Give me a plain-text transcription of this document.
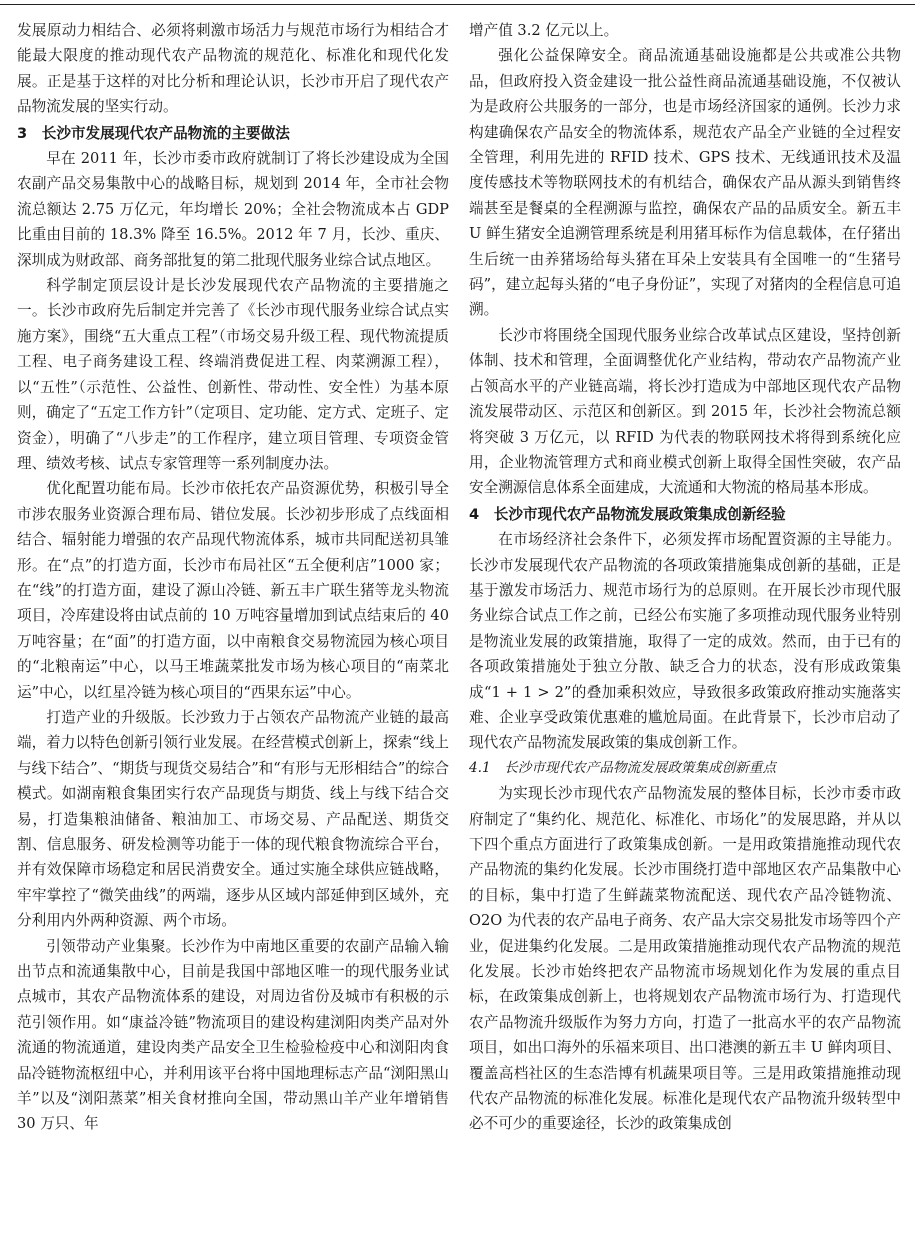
发展原动力相结合、必须将刺激市场活力与规范市场行为相结合才能最大限度的推动现代农产品物流的规范化、标准化和现代化发展。正是基于这样的对比分析和理论认识，长沙市开启了现代农产品物流发展的坚实行动。

3　长沙市发展现代农产品物流的主要做法

早在 2011 年，长沙市委市政府就制订了将长沙建设成为全国农副产品交易集散中心的战略目标，规划到 2014 年，全市社会物流总额达 2.75 万亿元，年均增长 20%；全社会物流成本占 GDP 比重由目前的 18.3% 降至 16.5%。2012 年 7 月，长沙、重庆、深圳成为财政部、商务部批复的第二批现代服务业综合试点地区。

科学制定顶层设计是长沙发展现代农产品物流的主要措施之一。长沙市政府先后制定并完善了《长沙市现代服务业综合试点实施方案》，围绕“五大重点工程”（市场交易升级工程、现代物流提质工程、电子商务建设工程、终端消费促进工程、肉菜溯源工程），以“五性”（示范性、公益性、创新性、带动性、安全性）为基本原则，确定了“五定工作方针”（定项目、定功能、定方式、定班子、定资金），明确了“八步走”的工作程序，建立项目管理、专项资金管理、绩效考核、试点专家管理等一系列制度办法。

优化配置功能布局。长沙市依托农产品资源优势，积极引导全市涉农服务业资源合理布局、错位发展。长沙初步形成了点线面相结合、辐射能力增强的农产品现代物流体系，城市共同配送初具雏形。在“点”的打造方面，长沙市布局社区“五全便利店”1000 家；在“线”的打造方面，建设了源山冷链、新五丰广联生猪等龙头物流项目，冷库建设将由试点前的 10 万吨容量增加到试点结束后的 40 万吨容量；在“面”的打造方面，以中南粮食交易物流园为核心项目的“北粮南运”中心，以马王堆蔬菜批发市场为核心项目的“南菜北运”中心，以红星冷链为核心项目的“西果东运”中心。

打造产业的升级版。长沙致力于占领农产品物流产业链的最高端，着力以特色创新引领行业发展。在经营模式创新上，探索“线上与线下结合”、“期货与现货交易结合”和“有形与无形相结合”的综合模式。如湖南粮食集团实行农产品现货与期货、线上与线下结合交易，打造集粮油储备、粮油加工、市场交易、产品配送、期货交割、信息服务、研发检测等功能于一体的现代粮食物流综合平台，并有效保障市场稳定和居民消费安全。通过实施全球供应链战略，牢牢掌控了“微笑曲线”的两端，逐步从区域内部延伸到区域外，充分利用内外两种资源、两个市场。

引领带动产业集聚。长沙作为中南地区重要的农副产品输入输出节点和流通集散中心，目前是我国中部地区唯一的现代服务业试点城市，其农产品物流体系的建设，对周边省份及城市有积极的示范引领作用。如“康益冷链”物流项目的建设构建浏阳肉类产品对外流通的物流通道，建设肉类产品安全卫生检验检疫中心和浏阳肉食品冷链物流枢纽中心，并利用该平台将中国地理标志产品“浏阳黑山羊”以及“浏阳蒸菜”相关食材推向全国，带动黑山羊产业年增销售 30 万只、年

增产值 3.2 亿元以上。

强化公益保障安全。商品流通基础设施都是公共或准公共物品，但政府投入资金建设一批公益性商品流通基础设施，不仅被认为是政府公共服务的一部分，也是市场经济国家的通例。长沙力求构建确保农产品安全的物流体系，规范农产品全产业链的全过程安全管理，利用先进的 RFID 技术、GPS 技术、无线通讯技术及温度传感技术等物联网技术的有机结合，确保农产品从源头到销售终端甚至是餐桌的全程溯源与监控，确保农产品的品质安全。新五丰 U 鲜生猪安全追溯管理系统是利用猪耳标作为信息载体，在仔猪出生后统一由养猪场给每头猪在耳朵上安装具有全国唯一的“生猪号码”，建立起每头猪的“电子身份证”，实现了对猪肉的全程信息可追溯。

长沙市将围绕全国现代服务业综合改革试点区建设，坚持创新体制、技术和管理，全面调整优化产业结构，带动农产品物流产业占领高水平的产业链高端，将长沙打造成为中部地区现代农产品物流发展带动区、示范区和创新区。到 2015 年，长沙社会物流总额将突破 3 万亿元，以 RFID 为代表的物联网技术将得到系统化应用，企业物流管理方式和商业模式创新上取得全国性突破，农产品安全溯源信息体系全面建成，大流通和大物流的格局基本形成。

4　长沙市现代农产品物流发展政策集成创新经验

在市场经济社会条件下，必须发挥市场配置资源的主导能力。长沙市发展现代农产品物流的各项政策措施集成创新的基础，正是基于激发市场活力、规范市场行为的总原则。在开展长沙市现代服务业综合试点工作之前，已经公布实施了多项推动现代服务业特别是物流业发展的政策措施，取得了一定的成效。然而，由于已有的各项政策措施处于独立分散、缺乏合力的状态，没有形成政策集成“1 + 1 > 2”的叠加乘积效应，导致很多政策政府推动实施落实难、企业享受政策优惠难的尴尬局面。在此背景下，长沙市启动了现代农产品物流发展政策的集成创新工作。

4.1　长沙市现代农产品物流发展政策集成创新重点

为实现长沙市现代农产品物流发展的整体目标，长沙市委市政府制定了“集约化、规范化、标准化、市场化”的发展思路，并从以下四个重点方面进行了政策集成创新。一是用政策措施推动现代农产品物流的集约化发展。长沙市围绕打造中部地区农产品集散中心的目标，集中打造了生鲜蔬菜物流配送、现代农产品冷链物流、O2O 为代表的农产品电子商务、农产品大宗交易批发市场等四个产业，促进集约化发展。二是用政策措施推动现代农产品物流的规范化发展。长沙市始终把农产品物流市场规划化作为发展的重点目标，在政策集成创新上，也将规划农产品物流市场行为、打造现代农产品物流升级版作为努力方向，打造了一批高水平的农产品物流项目，如出口海外的乐福来项目、出口港澳的新五丰 U 鲜肉项目、覆盖高档社区的生态浩博有机蔬果项目等。三是用政策措施推动现代农产品物流的标准化发展。标准化是现代农产品物流升级转型中必不可少的重要途径，长沙的政策集成创
